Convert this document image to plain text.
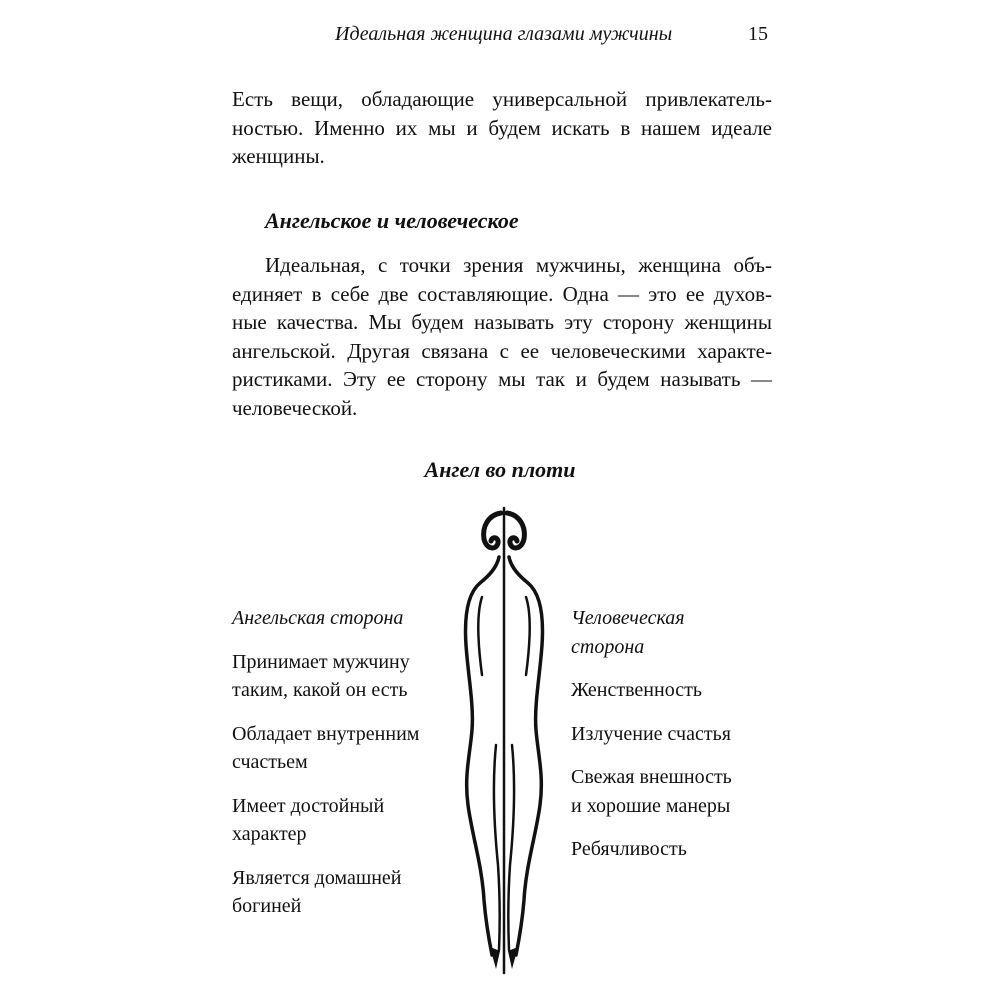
Идеальная женщина глазами мужчины	15

Есть вещи, обладающие универсальной привлекатель-
ностью. Именно их мы и будем искать в нашем идеале
женщины.

Ангельское и человеческое

Идеальная, с точки зрения мужчины, женщина объ-
единяет в себе две составляющие. Одна — это ее духов-
ные качества. Мы будем называть эту сторону женщины
ангельской. Другая связана с ее человеческими характе-
ристиками. Эту ее сторону мы так и будем называть —
человеческой.

Ангел во плоти
Ангельская сторона
Принимает мужчину
таким, какой он есть
Обладает внутренним
счастьем
Имеет достойный
характер
Является домашней
богиней
Человеческая
сторона
Женственность
Излучение счастья
Свежая внешность
и хорошие манеры
Ребячливость
